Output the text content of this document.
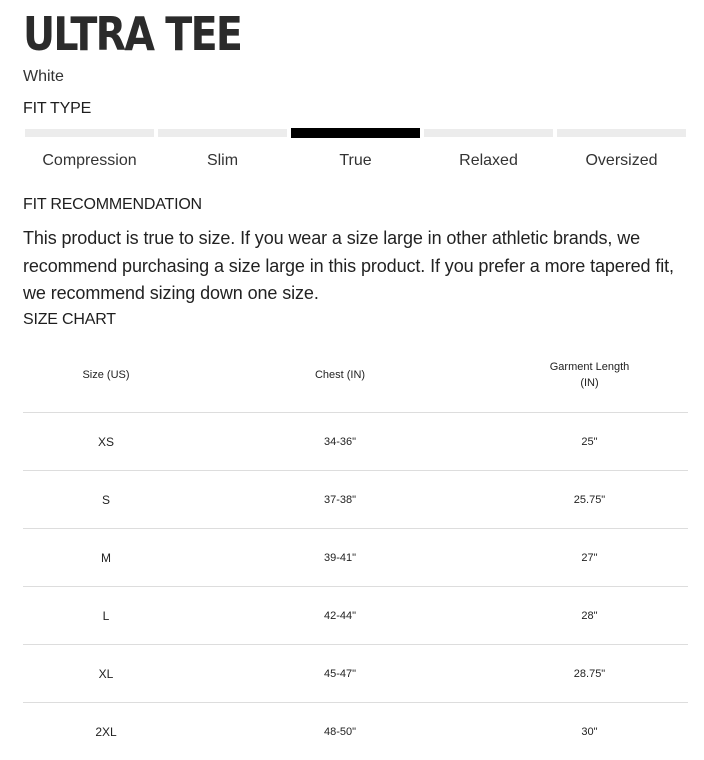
ULTRA TEE
White
FIT TYPE
Compression	Slim	True	Relaxed	Oversized
FIT RECOMMENDATION

This product is true to size. If you wear a size large in other athletic brands, we recommend purchasing a size large in this product. If you prefer a more tapered fit, we recommend sizing down one size.

SIZE CHART
Size (US)	Chest (IN)	Garment Length (IN)
XS	34-36"	25"
S	37-38"	25.75"
M	39-41"	27"
L	42-44"	28"
XL	45-47"	28.75"
2XL	48-50"	30"
